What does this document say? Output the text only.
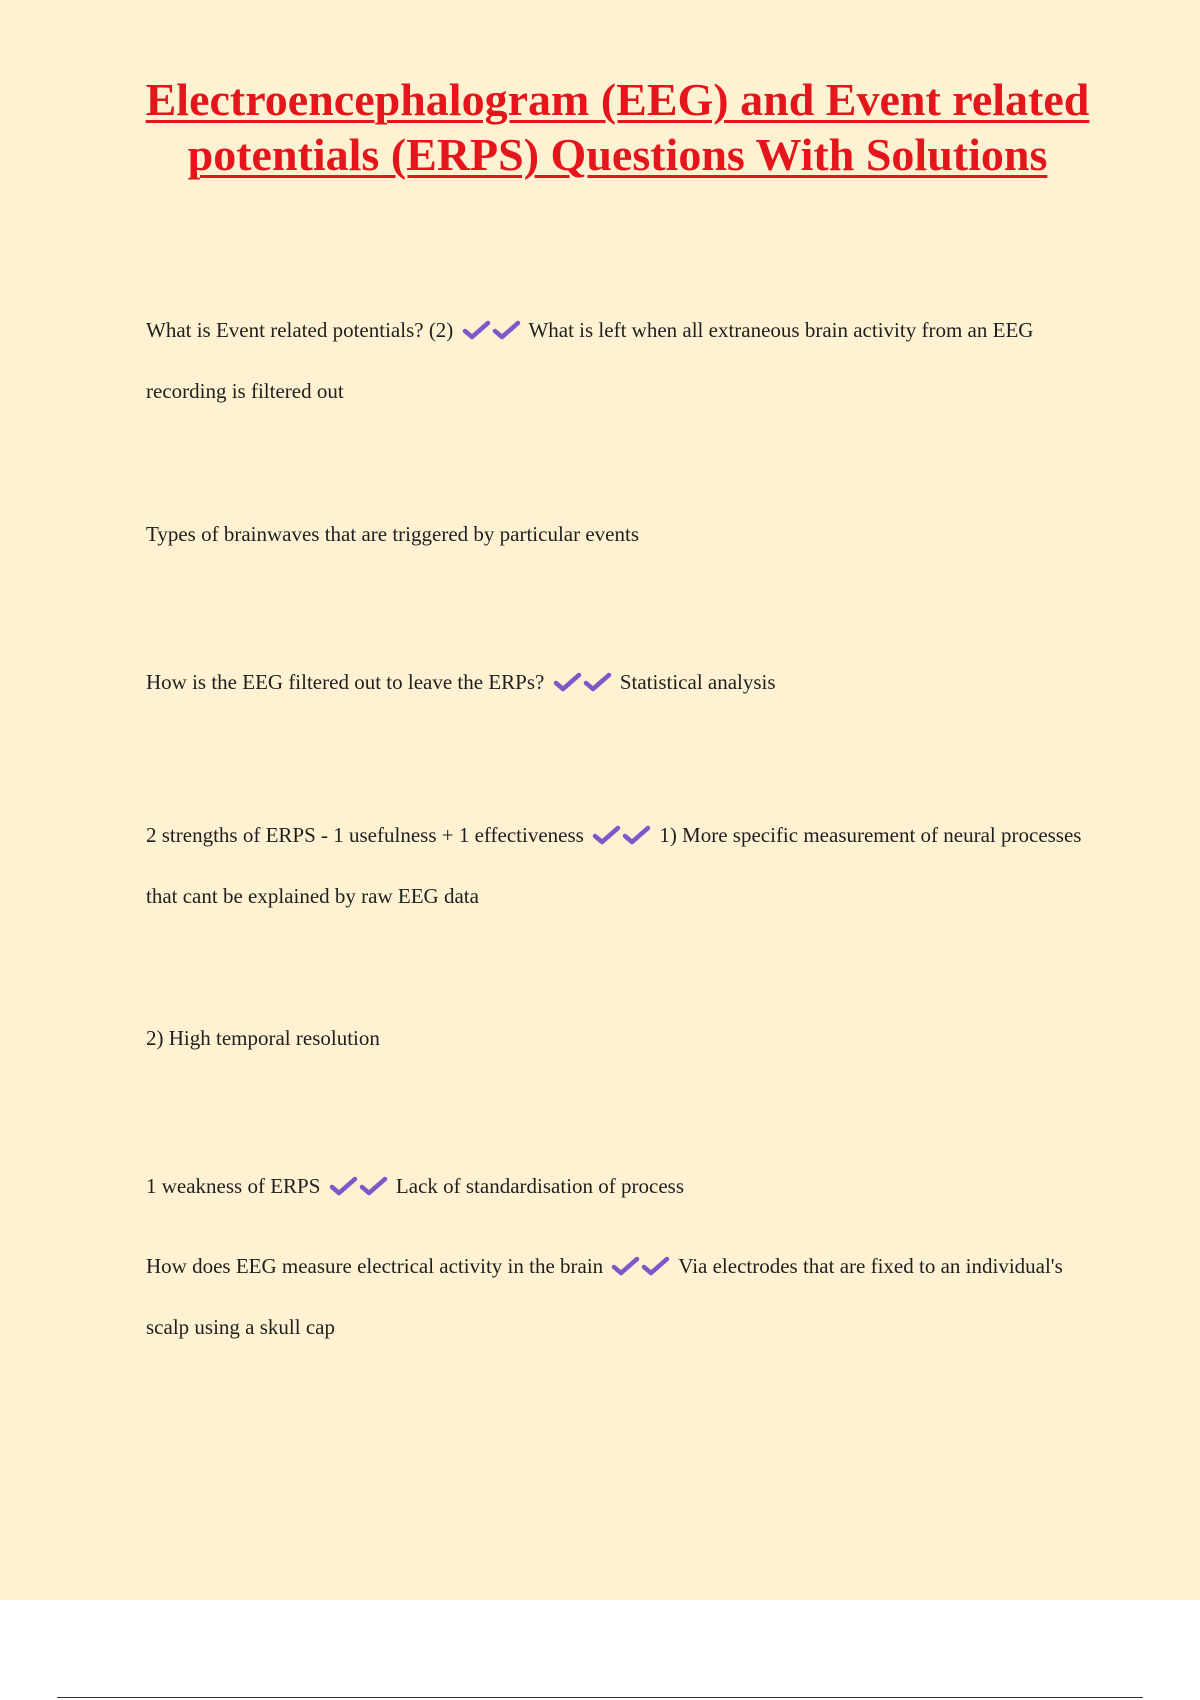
Electroencephalogram (EEG) and Event related potentials (ERPS) Questions With Solutions

What is Event related potentials? (2)	What is left when all extraneous brain activity from an EEG recording is filtered out

Types of brainwaves that are triggered by particular events

How is the EEG filtered out to leave the ERPs?	Statistical analysis

2 strengths of ERPS - 1 usefulness + 1 effectiveness	1) More specific measurement of neural processes that cant be explained by raw EEG data

2) High temporal resolution

1 weakness of ERPS	Lack of standardisation of process

How does EEG measure electrical activity in the brain	Via electrodes that are fixed to an individual's scalp using a skull cap
